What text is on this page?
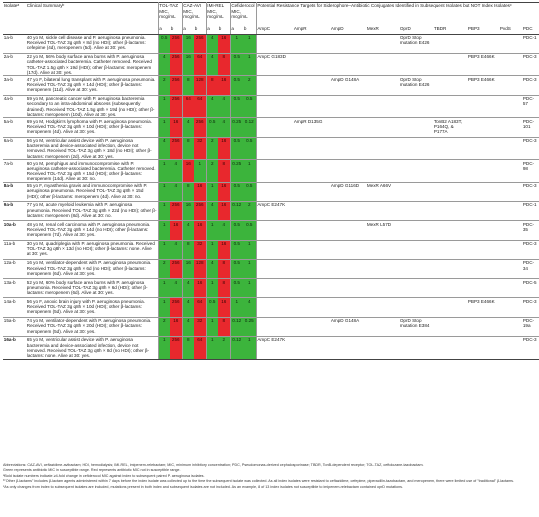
Isolateᵃ	Clinical Summaryᵇ	TOL-TAZ MIC, mcg/mL		CAZ-AVI MIC, mcg/mL		IMI-REL MIC, mcg/mL		Cefiderocol MIC, mcg/mL		Potential Resistance Targets for Siderophore–Antibiotic Conjugates Identified in Subsequent Isolates but NOT Index Isolatesᶜ								
		a	b	a	b	a	b	a	b	AmpC	AmpR	AmpD	MexR	OprD	TBDR	PBP3	PvdS	PDC
1a-b	40 yo M, sickle cell disease and P. aeruginosa pneumonia. Received TOL-TAZ 3g q8h × 8d (no HDI); other β-lactams: cefepime (4d), meropenem (5d). Alive at 30: yes.	0.5	256	16	256	4	16	1	1					OprD Stop mutation E426				PDC-1
2a-b	22 yo M, 56% body surface area burns with P. aeruginosa catheter-associated bacteremia. Catheter removed. Received TOL-TAZ 1.5g q8h × 19d (HDI); other β-lactams: meropenem (17d). Alive at 30: yes.	4	256	16	64	4	8	0.5	1	AmpC G183D						PBP3 E466K		PDC-3
3a-b	47 yo F, bilateral lung transplant with P. aeruginosa pneumonia. Received TOL-TAZ 3g q8h × 14d (HDI); other β-lactams: meropenem (11d). Alive at 30: yes.	2	256	8	128	8	16	0.5	2			AmpD G148A		OprD Stop mutation E426		PBP3 E466K		PDC-3
4a-b	59 yo M, pancreatic cancer with P. aeruginosa bacteremia secondary to an intra-abdominal abscess (subsequently drained). Received TOL-TAZ 1.5g q8h × 19d (no HDI); other β-lactams: meropenem (10d). Alive at 30: yes.	1	256	64	64	4	4	0.5	0.5									PDC-57
5a-b	69 yo M, Hodgkin's lymphoma with P. aeruginosa pneumonia. Received TOL-TAZ 3g q8h × 10d (HDI); other β-lactams: meropenem (4d). Alive at 30: yes.	1	16	4	256	0.5	4	0.25	0.12		AmpR D135G				TonB2 A183T, P164Q, & P177A			PDC-101
6a-b	56 yo M, ventricular assist device with P. aeruginosa bacteremia and device-associated infection, device not removed. Received TOL-TAZ 3g q8h × 18d (no HDI); other β-lactams: meropenem (2d). Alive at 30: yes.	4	256	8	32	2	16	0.5	0.5									PDC-3
7a-b	60 yo M, pemphigus and immunocompromise with P. aeruginosa catheter-associated bacteremia. Catheter removed. Received TOL-TAZ 3g q8h × 15d (HDI); other β-lactams: meropenem (14d). Alive at 30: no.	1	4	16	1	2	8	0.25	1									PDC-98
8a-b	55 yo F, myasthenia gravis and immunocompromise with P. aeruginosa pneumonia. Received TOL-TAZ 3g q8h × 15d (HDI); other β-lactams: meropenem (4d). Alive at 30: no.	1	4	8	16	1	16	0.5	0.5			AmpD G116D	MexR A66V					PDC-3
9a-b	77 yo M, acute myeloid leukemia with P. aeruginosa pneumonia. Received TOL-TAZ 3g q8h × 22d (no HDI); other β-lactams: meropenem (8d). Alive at 30: no.	1	256	16	256	4	16	0.12	2	AmpC E247K								PDC-1
10a-b	48 yo M, renal cell carcinoma with P. aeruginosa pneumonia. Received TOL-TAZ 3g q8h × 14d (no HDI); other β-lactams: meropenem (7d). Alive at 30: yes.	1	16	4	16	1	4	0.5	0.5				MexR L57D					PDC-35
11a-b	30 yo M, quadriplegia with P. aeruginosa pneumonia. Received TOL-TAZ 3g q8h × 13d (no HDI); other β-lactams: none. Alive at 30: yes.	1	4	8	32	1	16	0.5	1									PDC-3
12a-b	16 yo M, ventilator-dependent with P. aeruginosa pneumonia. Received TOL-TAZ 3g q8h × 6d (no HDI); other β-lactams: meropenem (6d). Alive at 30: yes.	2	256	16	128	4	8	0.5	1									PDC-34
13a-b	52 yo M, 60% body surface area burns with P. aeruginosa pneumonia. Received TOL-TAZ 3g q8h × 6d (HDI); other β-lactams: meropenem (6d). Alive at 30: yes.	1	4	4	16	1	8	0.5	1									PDC-5
14a-b	56 yo F, anoxic brain injury with P. aeruginosa pneumonia. Received TOL-TAZ 3g q8h × 10d (HDI); other β-lactams: meropenem (5d). Alive at 30: yes.	1	256	4	64	0.5	16	1	4							PBP3 E466K		PDC-3
15a-b	74 yo M, ventilator-dependent with P. aeruginosa pneumonia. Received TOL-TAZ 3g q8h × 20d (HDI); other β-lactams: meropenem (5d). Alive at 30: yes.	2	16	4	32	1	8	0.12	0.25			AmpD G148A		OprD Stop mutation E384				PDC-19a
16a-b	65 yo M, ventricular assist device with P. aeruginosa bacteremia and device-associated infection, device not removed. Received TOL-TAZ 3g q8h × 8d (no HDI); other β-lactams: none. Alive at 30: yes.	1	256	8	64	1	2	0.12	1	AmpC E247K								PDC-3

Abbreviations: CAZ-AVI, ceftazidime-avibactam; HDI, hemodialysis; IMI-REL, imipenem-relebactam; MIC, minimum inhibitory concentration; PDC, Pseudomonas-derived cephalosporinase; TBDR, TonB-dependent receptor; TOL-TAZ, ceftolozane-tazobactam.

Green represents antibiotic MIC in susceptible range. Red represents antibiotic MIC not in susceptible range.

ᵃBold isolate numbers indicate ≥4-fold change in cefiderocol MIC against index to subsequent paired P. aeruginosa isolates.

ᵇ"Other β-lactams" includes β-lactam agents administered within 7 days before the index isolate was collected up to the time the subsequent isolate was collected. As all index isolates were resistant to ceftazidime, cefepime, piperacillin-tazobactam, and meropenem, there were limited use of "traditional" β-lactams.

ᶜAs only changes from index to subsequent isolates are included, mutations present in both index and subsequent isolates are not included. As an example, 8 of 13 index isolates not susceptible to imipenem-relebactam contained oprD mutations.
